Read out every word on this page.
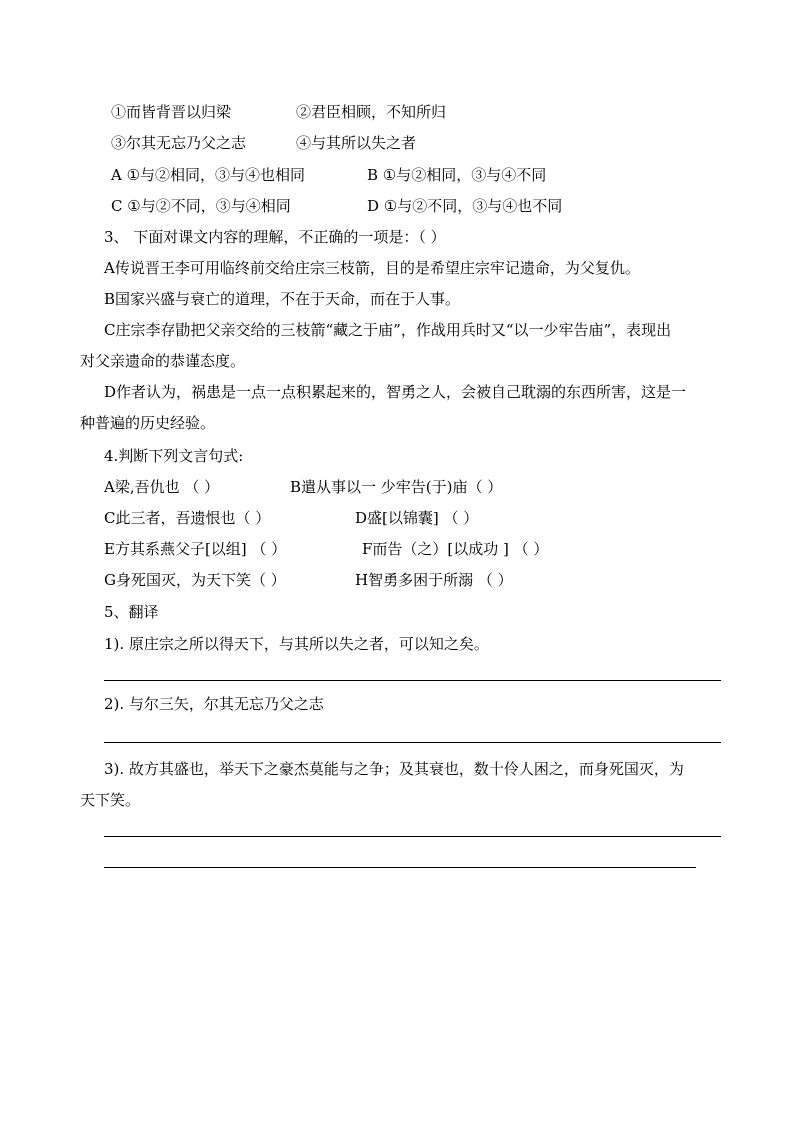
①而皆背晋以归梁	②君臣相顾，不知所归
③尔其无忘乃父之志	④与其所以失之者
A ①与②相同，③与④也相同	B ①与②相同，③与④不同
C ①与②不同，③与④相同	D ①与②不同，③与④也不同
3、 下面对课文内容的理解，不正确的一项是：（ ）
A传说晋王李可用临终前交给庄宗三枝箭，目的是希望庄宗牢记遗命，为父复仇。
B国家兴盛与衰亡的道理，不在于天命，而在于人事。
C庄宗李存勖把父亲交给的三枝箭“藏之于庙”，作战用兵时又“以一少牢告庙”，表现出
对父亲遗命的恭谨态度。
D作者认为，祸患是一点一点积累起来的，智勇之人，会被自己耽溺的东西所害，这是一
种普遍的历史经验。
4.判断下列文言句式:
A梁,吾仇也 （ ）	B遣从事以一 少牢告(于)庙（ ）
C此三者，吾遗恨也（ ）	D盛[以锦囊] （ ）
E方其系燕父子[以组] （ ）	F而告（之）[以成功 ] （ ）
G身死国灭，为天下笑（ ）	H智勇多困于所溺 （ ）
5、翻译
1). 原庄宗之所以得天下，与其所以失之者，可以知之矣。
2). 与尔三矢，尔其无忘乃父之志
3). 故方其盛也，举天下之豪杰莫能与之争；及其衰也，数十伶人困之，而身死国灭，为
天下笑。
